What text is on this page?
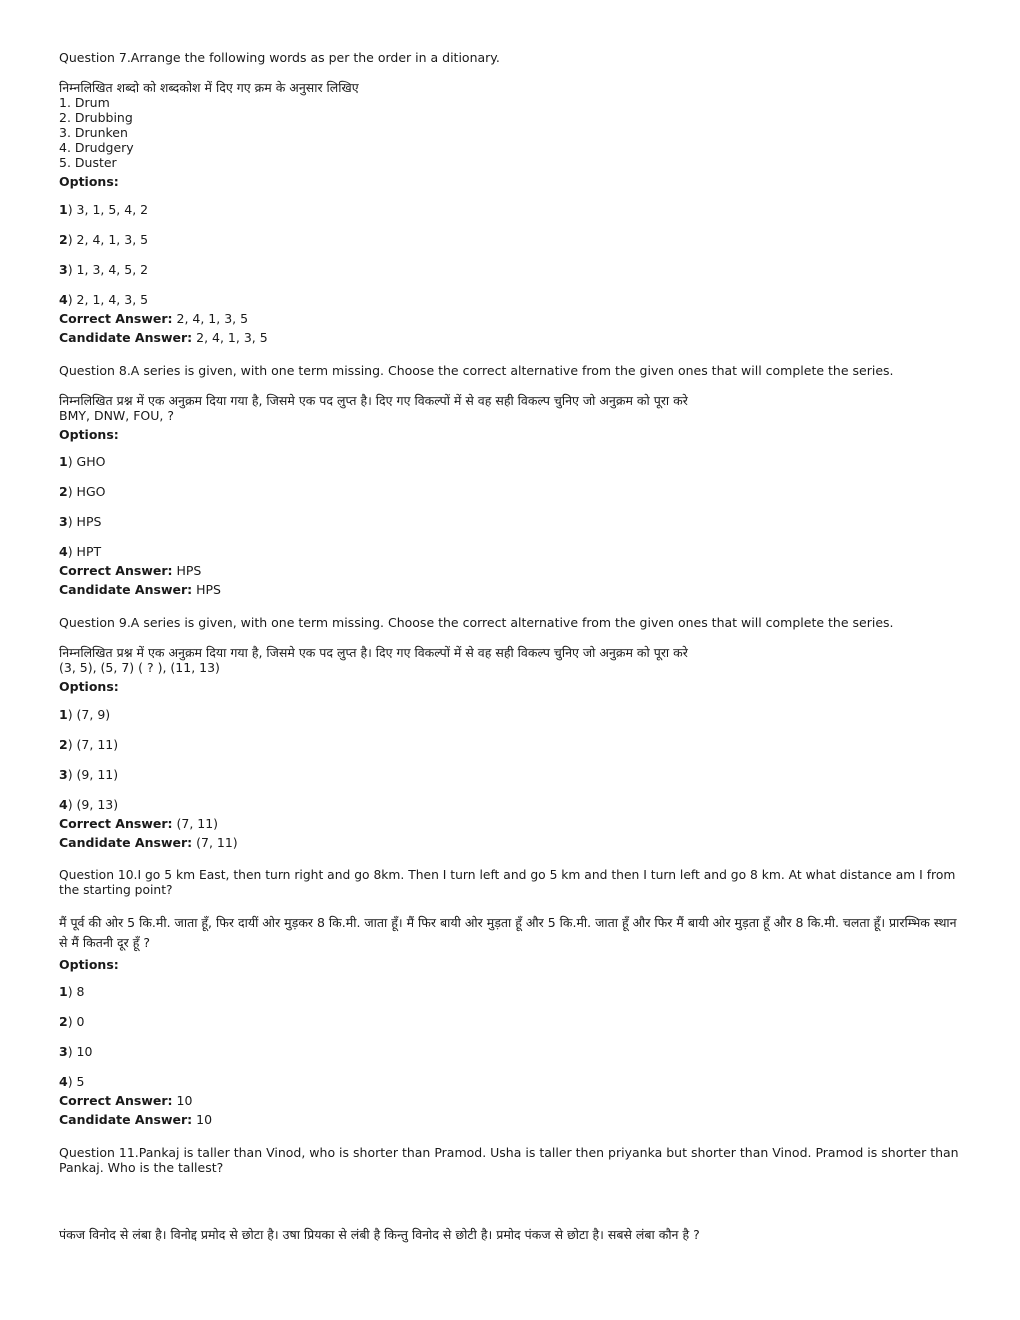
Question 7.Arrange the following words as per the order in a ditionary.

निम्नलिखित शब्दो को शब्दकोश में दिए गए क्रम के अनुसार लिखिए

1. Drum

2. Drubbing

3. Drunken

4. Drudgery

5. Duster

Options:

1) 3, 1, 5, 4, 2

2) 2, 4, 1, 3, 5

3) 1, 3, 4, 5, 2

4) 2, 1, 4, 3, 5

Correct Answer: 2, 4, 1, 3, 5

Candidate Answer: 2, 4, 1, 3, 5

Question 8.A series is given, with one term missing. Choose the correct alternative from the given ones that will complete the series.

निम्नलिखित प्रश्न में एक अनुक्रम दिया गया है, जिसमे एक पद लुप्त है। दिए गए विकल्पों में से वह सही विकल्प चुनिए जो अनुक्रम को पूरा करे

BMY, DNW, FOU, ?

Options:

1) GHO

2) HGO

3) HPS

4) HPT

Correct Answer: HPS

Candidate Answer: HPS

Question 9.A series is given, with one term missing. Choose the correct alternative from the given ones that will complete the series.

निम्नलिखित प्रश्न में एक अनुक्रम दिया गया है, जिसमे एक पद लुप्त है। दिए गए विकल्पों में से वह सही विकल्प चुनिए जो अनुक्रम को पूरा करे

(3, 5), (5, 7) ( ? ), (11, 13)

Options:

1) (7, 9)

2) (7, 11)

3) (9, 11)

4) (9, 13)

Correct Answer: (7, 11)

Candidate Answer: (7, 11)

Question 10.I go 5 km East, then turn right and go 8km. Then I turn left and go 5 km and then I turn left and go 8 km. At what distance am I from the starting point?

मैं पूर्व की ओर 5 कि.मी. जाता हूँ, फिर दायीं ओर मुड़कर 8 कि.मी. जाता हूँ। मैं फिर बायी ओर मुड़ता हूँ और 5 कि.मी. जाता हूँ और फिर मैं बायी ओर मुड़ता हूँ और 8 कि.मी. चलता हूँ। प्रारम्भिक स्थान से मैं कितनी दूर हूँ ?

Options:

1) 8

2) 0

3) 10

4) 5

Correct Answer: 10

Candidate Answer: 10

Question 11.Pankaj is taller than Vinod, who is shorter than Pramod. Usha is taller then priyanka but shorter than Vinod. Pramod is shorter than Pankaj. Who is the tallest?

पंकज विनोद से लंबा है। विनोद्द प्रमोद से छोटा है। उषा प्रियका से लंबी है किन्तु विनोद से छोटी है। प्रमोद पंकज से छोटा है। सबसे लंबा कौन है ?
